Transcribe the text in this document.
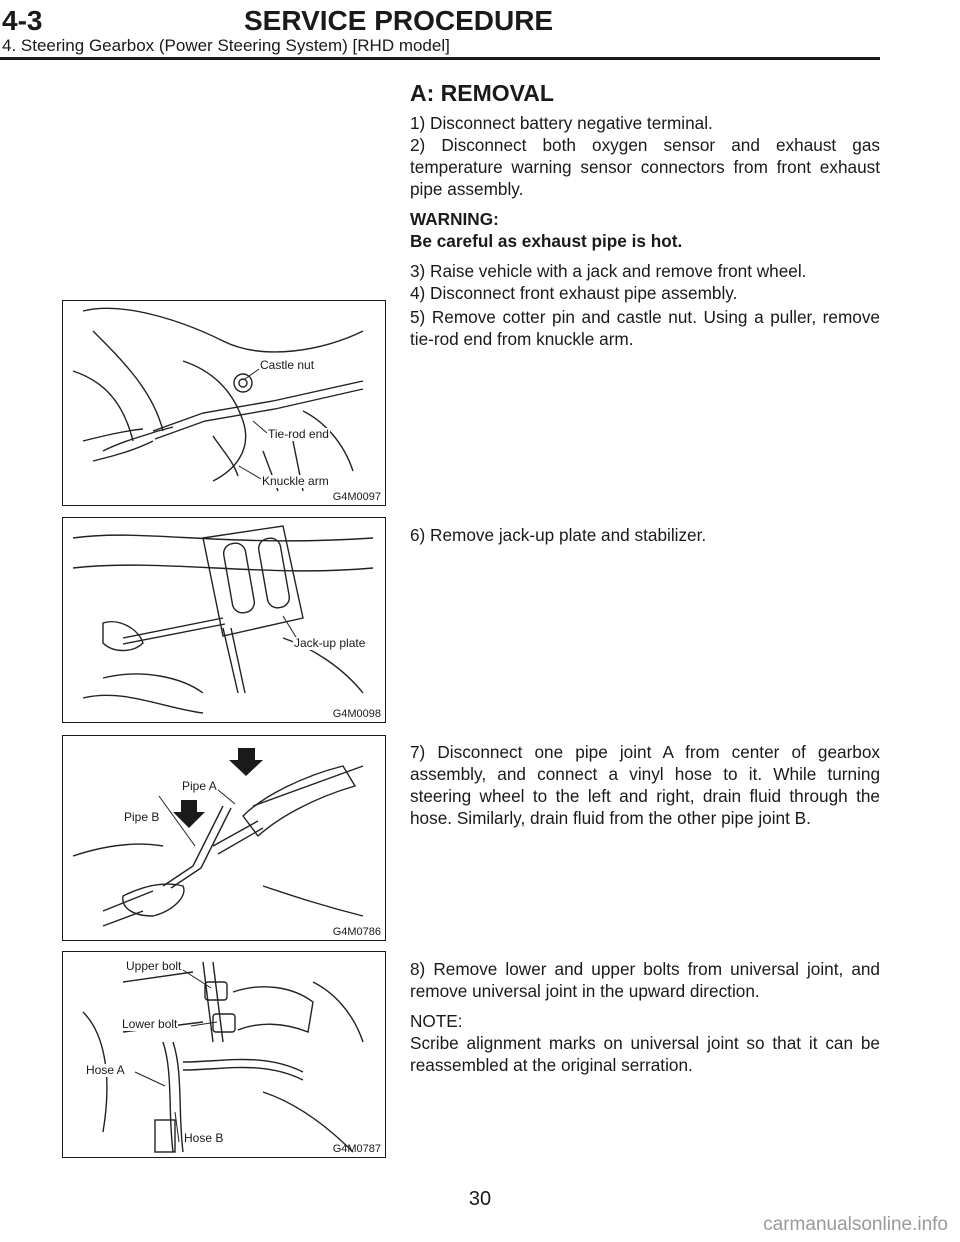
4-3	SERVICE PROCEDURE
4. Steering Gearbox (Power Steering System) [RHD model]
A: REMOVAL

1) Disconnect battery negative terminal.

2) Disconnect both oxygen sensor and exhaust gas temperature warning sensor connectors from front exhaust pipe assembly.

WARNING:

Be careful as exhaust pipe is hot.

3) Raise vehicle with a jack and remove front wheel.

4) Disconnect front exhaust pipe assembly.

5) Remove cotter pin and castle nut. Using a puller, remove tie-rod end from knuckle arm.

6) Remove jack-up plate and stabilizer.

7) Disconnect one pipe joint A from center of gearbox assembly, and connect a vinyl hose to it. While turning steering wheel to the left and right, drain fluid through the hose. Similarly, drain fluid from the other pipe joint B.

8) Remove lower and upper bolts from universal joint, and remove universal joint in the upward direction.

NOTE:

Scribe alignment marks on universal joint so that it can be reassembled at the original serration.

Castle nut
Tie-rod end
Knuckle arm
G4M0097
Jack-up plate
G4M0098
Pipe A
Pipe B
G4M0786
Upper bolt
Lower bolt
Hose A
Hose B
G4M0787
30
carmanualsonline.info
